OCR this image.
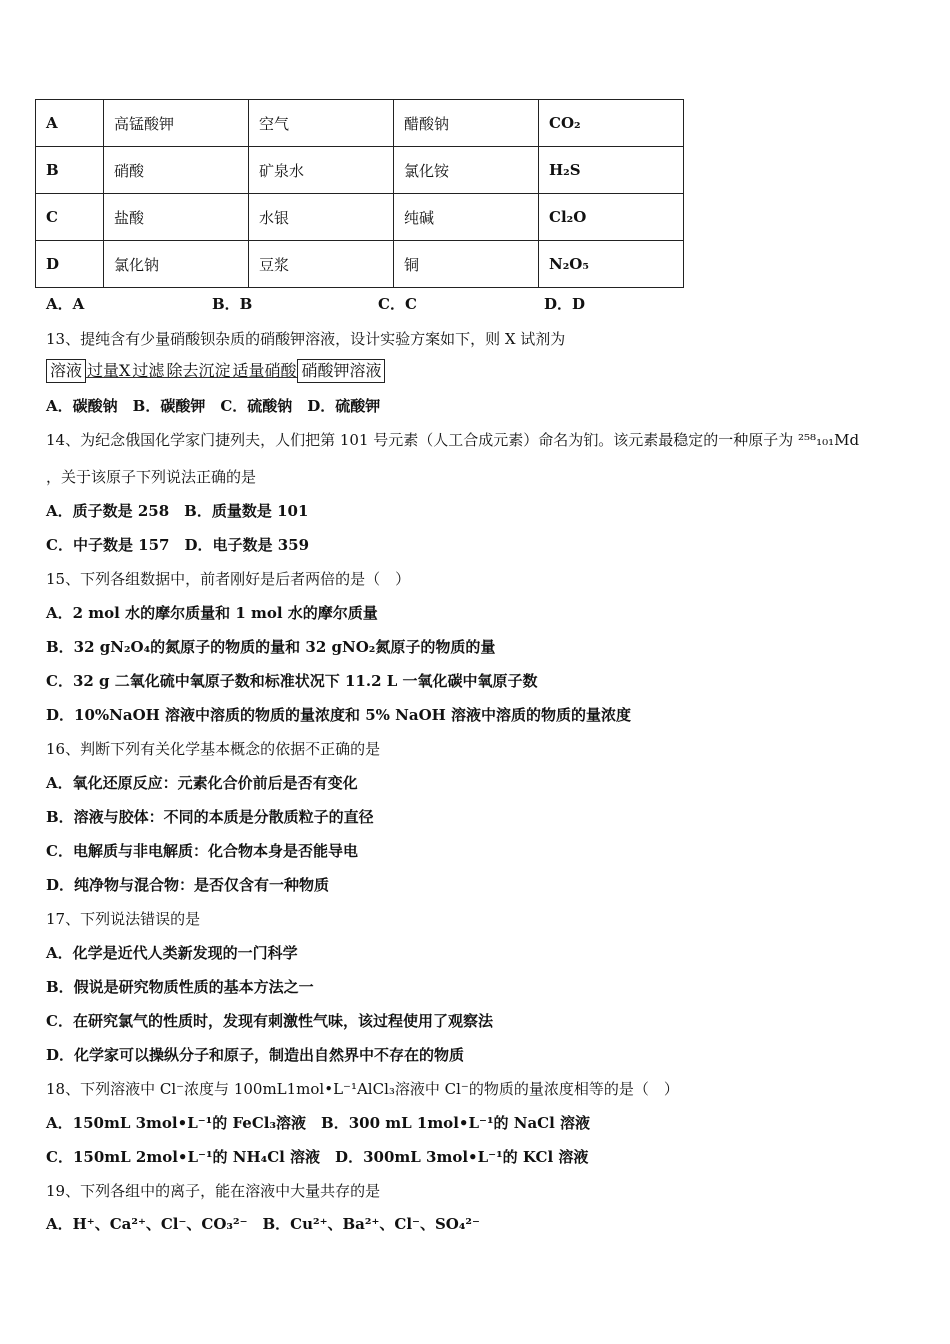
A	高锰酸钾	空气	醋酸钠	CO₂
B	硝酸	矿泉水	氯化铵	H₂S
C	盐酸	水银	纯碱	Cl₂O
D	氯化钠	豆浆	铜	N₂O₅
A．A	B．B	C．C	D．D
13、提纯含有少量硝酸钡杂质的硝酸钾溶液，设计实验方案如下，则 X 试剂为
溶液 过量X 过滤 除去沉淀 适量硝酸 硝酸钾溶液
A．碳酸钠　B．碳酸钾　C．硫酸钠　D．硫酸钾
14、为纪念俄国化学家门捷列夫，人们把第 101 号元素（人工合成元素）命名为钔。该元素最稳定的一种原子为 ²⁵⁸₁₀₁Md
，关于该原子下列说法正确的是
A．质子数是 258　B．质量数是 101
C．中子数是 157　D．电子数是 359
15、下列各组数据中，前者刚好是后者两倍的是（　）
A．2 mol 水的摩尔质量和 1 mol 水的摩尔质量
B．32 gN₂O₄的氮原子的物质的量和 32 gNO₂氮原子的物质的量
C．32 g 二氧化硫中氧原子数和标准状况下 11.2 L 一氧化碳中氧原子数
D．10%NaOH 溶液中溶质的物质的量浓度和 5% NaOH 溶液中溶质的物质的量浓度
16、判断下列有关化学基本概念的依据不正确的是
A．氧化还原反应：元素化合价前后是否有变化
B．溶液与胶体：不同的本质是分散质粒子的直径
C．电解质与非电解质：化合物本身是否能导电
D．纯净物与混合物：是否仅含有一种物质
17、下列说法错误的是
A．化学是近代人类新发现的一门科学
B．假说是研究物质性质的基本方法之一
C．在研究氯气的性质时，发现有刺激性气味，该过程使用了观察法
D．化学家可以操纵分子和原子，制造出自然界中不存在的物质
18、下列溶液中 Cl⁻浓度与 100mL1mol•L⁻¹AlCl₃溶液中 Cl⁻的物质的量浓度相等的是（　）
A．150mL 3mol•L⁻¹的 FeCl₃溶液　B．300 mL 1mol•L⁻¹的 NaCl 溶液
C．150mL 2mol•L⁻¹的 NH₄Cl 溶液　D．300mL 3mol•L⁻¹的 KCl 溶液
19、下列各组中的离子，能在溶液中大量共存的是
A．H⁺、Ca²⁺、Cl⁻、CO₃²⁻　B．Cu²⁺、Ba²⁺、Cl⁻、SO₄²⁻
